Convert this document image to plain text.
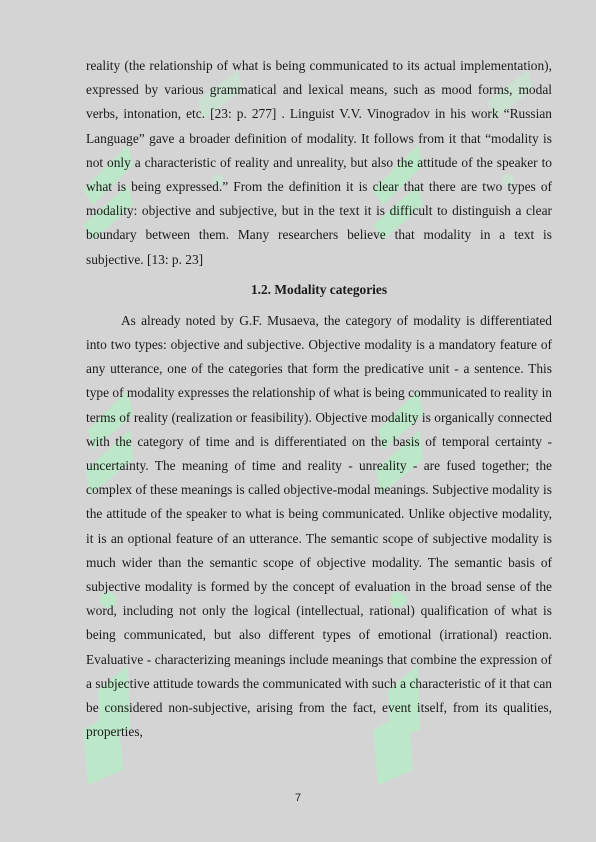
reality (the relationship of what is being communicated to its actual implementation), expressed by various grammatical and lexical means, such as mood forms, modal verbs, intonation, etc. [23: p. 277] . Linguist V.V. Vinogradov in his work “Russian Language” gave a broader definition of modality. It follows from it that “modality is not only a characteristic of reality and unreality, but also the attitude of the speaker to what is being expressed.” From the definition it is clear that there are two types of modality: objective and subjective, but in the text it is difficult to distinguish a clear boundary between them. Many researchers believe that modality in a text is subjective. [13: p. 23]

1.2. Modality categories

As already noted by G.F. Musaeva, the category of modality is differentiated into two types: objective and subjective. Objective modality is a mandatory feature of any utterance, one of the categories that form the predicative unit - a sentence. This type of modality expresses the relationship of what is being communicated to reality in terms of reality (realization or feasibility). Objective modality is organically connected with the category of time and is differentiated on the basis of temporal certainty - uncertainty. The meaning of time and reality - unreality - are fused together; the complex of these meanings is called objective-modal meanings. Subjective modality is the attitude of the speaker to what is being communicated. Unlike objective modality, it is an optional feature of an utterance. The semantic scope of subjective modality is much wider than the semantic scope of objective modality. The semantic basis of subjective modality is formed by the concept of evaluation in the broad sense of the word, including not only the logical (intellectual, rational) qualification of what is being communicated, but also different types of emotional (irrational) reaction. Evaluative - characterizing meanings include meanings that combine the expression of a subjective attitude towards the communicated with such a characteristic of it that can be considered non-subjective, arising from the fact, event itself, from its qualities, properties,

7
